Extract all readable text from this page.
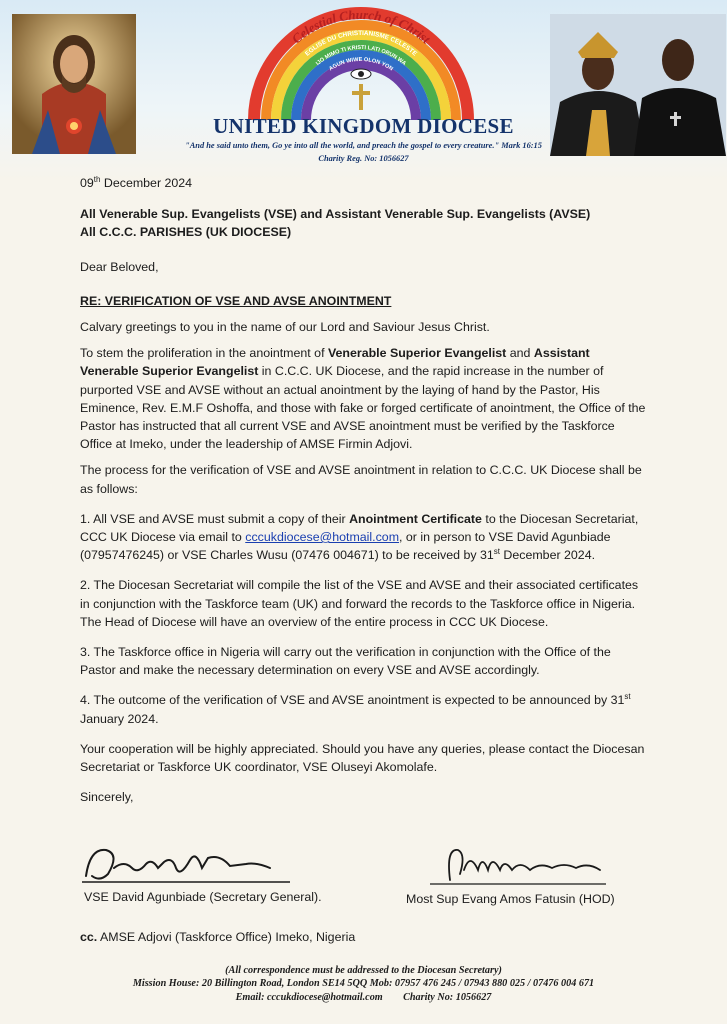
Celestial Church of Christ
EGLISE DU CHRISTIANISME CELESTE
IJO MIMO TI KRISTI LATI ORUN WA
AGUN WIWE OLON YON
UNITED KINGDOM DIOCESE
"And he said unto them, Go ye into all the world, and preach the gospel to every creature." Mark 16:15
Charity Reg. No: 1056627

09th December 2024

All Venerable Sup. Evangelists (VSE) and Assistant Venerable Sup. Evangelists (AVSE)

All C.C.C. PARISHES (UK DIOCESE)

Dear Beloved,

RE: VERIFICATION OF VSE AND AVSE ANOINTMENT

Calvary greetings to you in the name of our Lord and Saviour Jesus Christ.

To stem the proliferation in the anointment of Venerable Superior Evangelist and Assistant Venerable Superior Evangelist in C.C.C. UK Diocese, and the rapid increase in the number of purported VSE and AVSE without an actual anointment by the laying of hand by the Pastor, His Eminence, Rev. E.M.F Oshoffa, and those with fake or forged certificate of anointment, the Office of the Pastor has instructed that all current VSE and AVSE anointment must be verified by the Taskforce Office at Imeko, under the leadership of AMSE Firmin Adjovi.

The process for the verification of VSE and AVSE anointment in relation to C.C.C. UK Diocese shall be as follows:

1. All VSE and AVSE must submit a copy of their Anointment Certificate to the Diocesan Secretariat, CCC UK Diocese via email to cccukdiocese@hotmail.com, or in person to VSE David Agunbiade (07957476245) or VSE Charles Wusu (07476 004671) to be received by 31st December 2024.

2. The Diocesan Secretariat will compile the list of the VSE and AVSE and their associated certificates in conjunction with the Taskforce team (UK) and forward the records to the Taskforce office in Nigeria. The Head of Diocese will have an overview of the entire process in CCC UK Diocese.

3. The Taskforce office in Nigeria will carry out the verification in conjunction with the Office of the Pastor and make the necessary determination on every VSE and AVSE accordingly.

4. The outcome of the verification of VSE and AVSE anointment is expected to be announced by 31st January 2024.

Your cooperation will be highly appreciated. Should you have any queries, please contact the Diocesan Secretariat or Taskforce UK coordinator, VSE Oluseyi Akomolafe.

Sincerely,

VSE David Agunbiade (Secretary General).	Most Sup Evang Amos Fatusin (HOD)
cc. AMSE Adjovi (Taskforce Office) Imeko, Nigeria
(All correspondence must be addressed to the Diocesan Secretary)
Mission House: 20 Billington Road, London SE14 5QQ Mob: 07957 476 245 / 07943 880 025 / 07476 004 671
Email: cccukdiocese@hotmail.com        Charity No: 1056627
